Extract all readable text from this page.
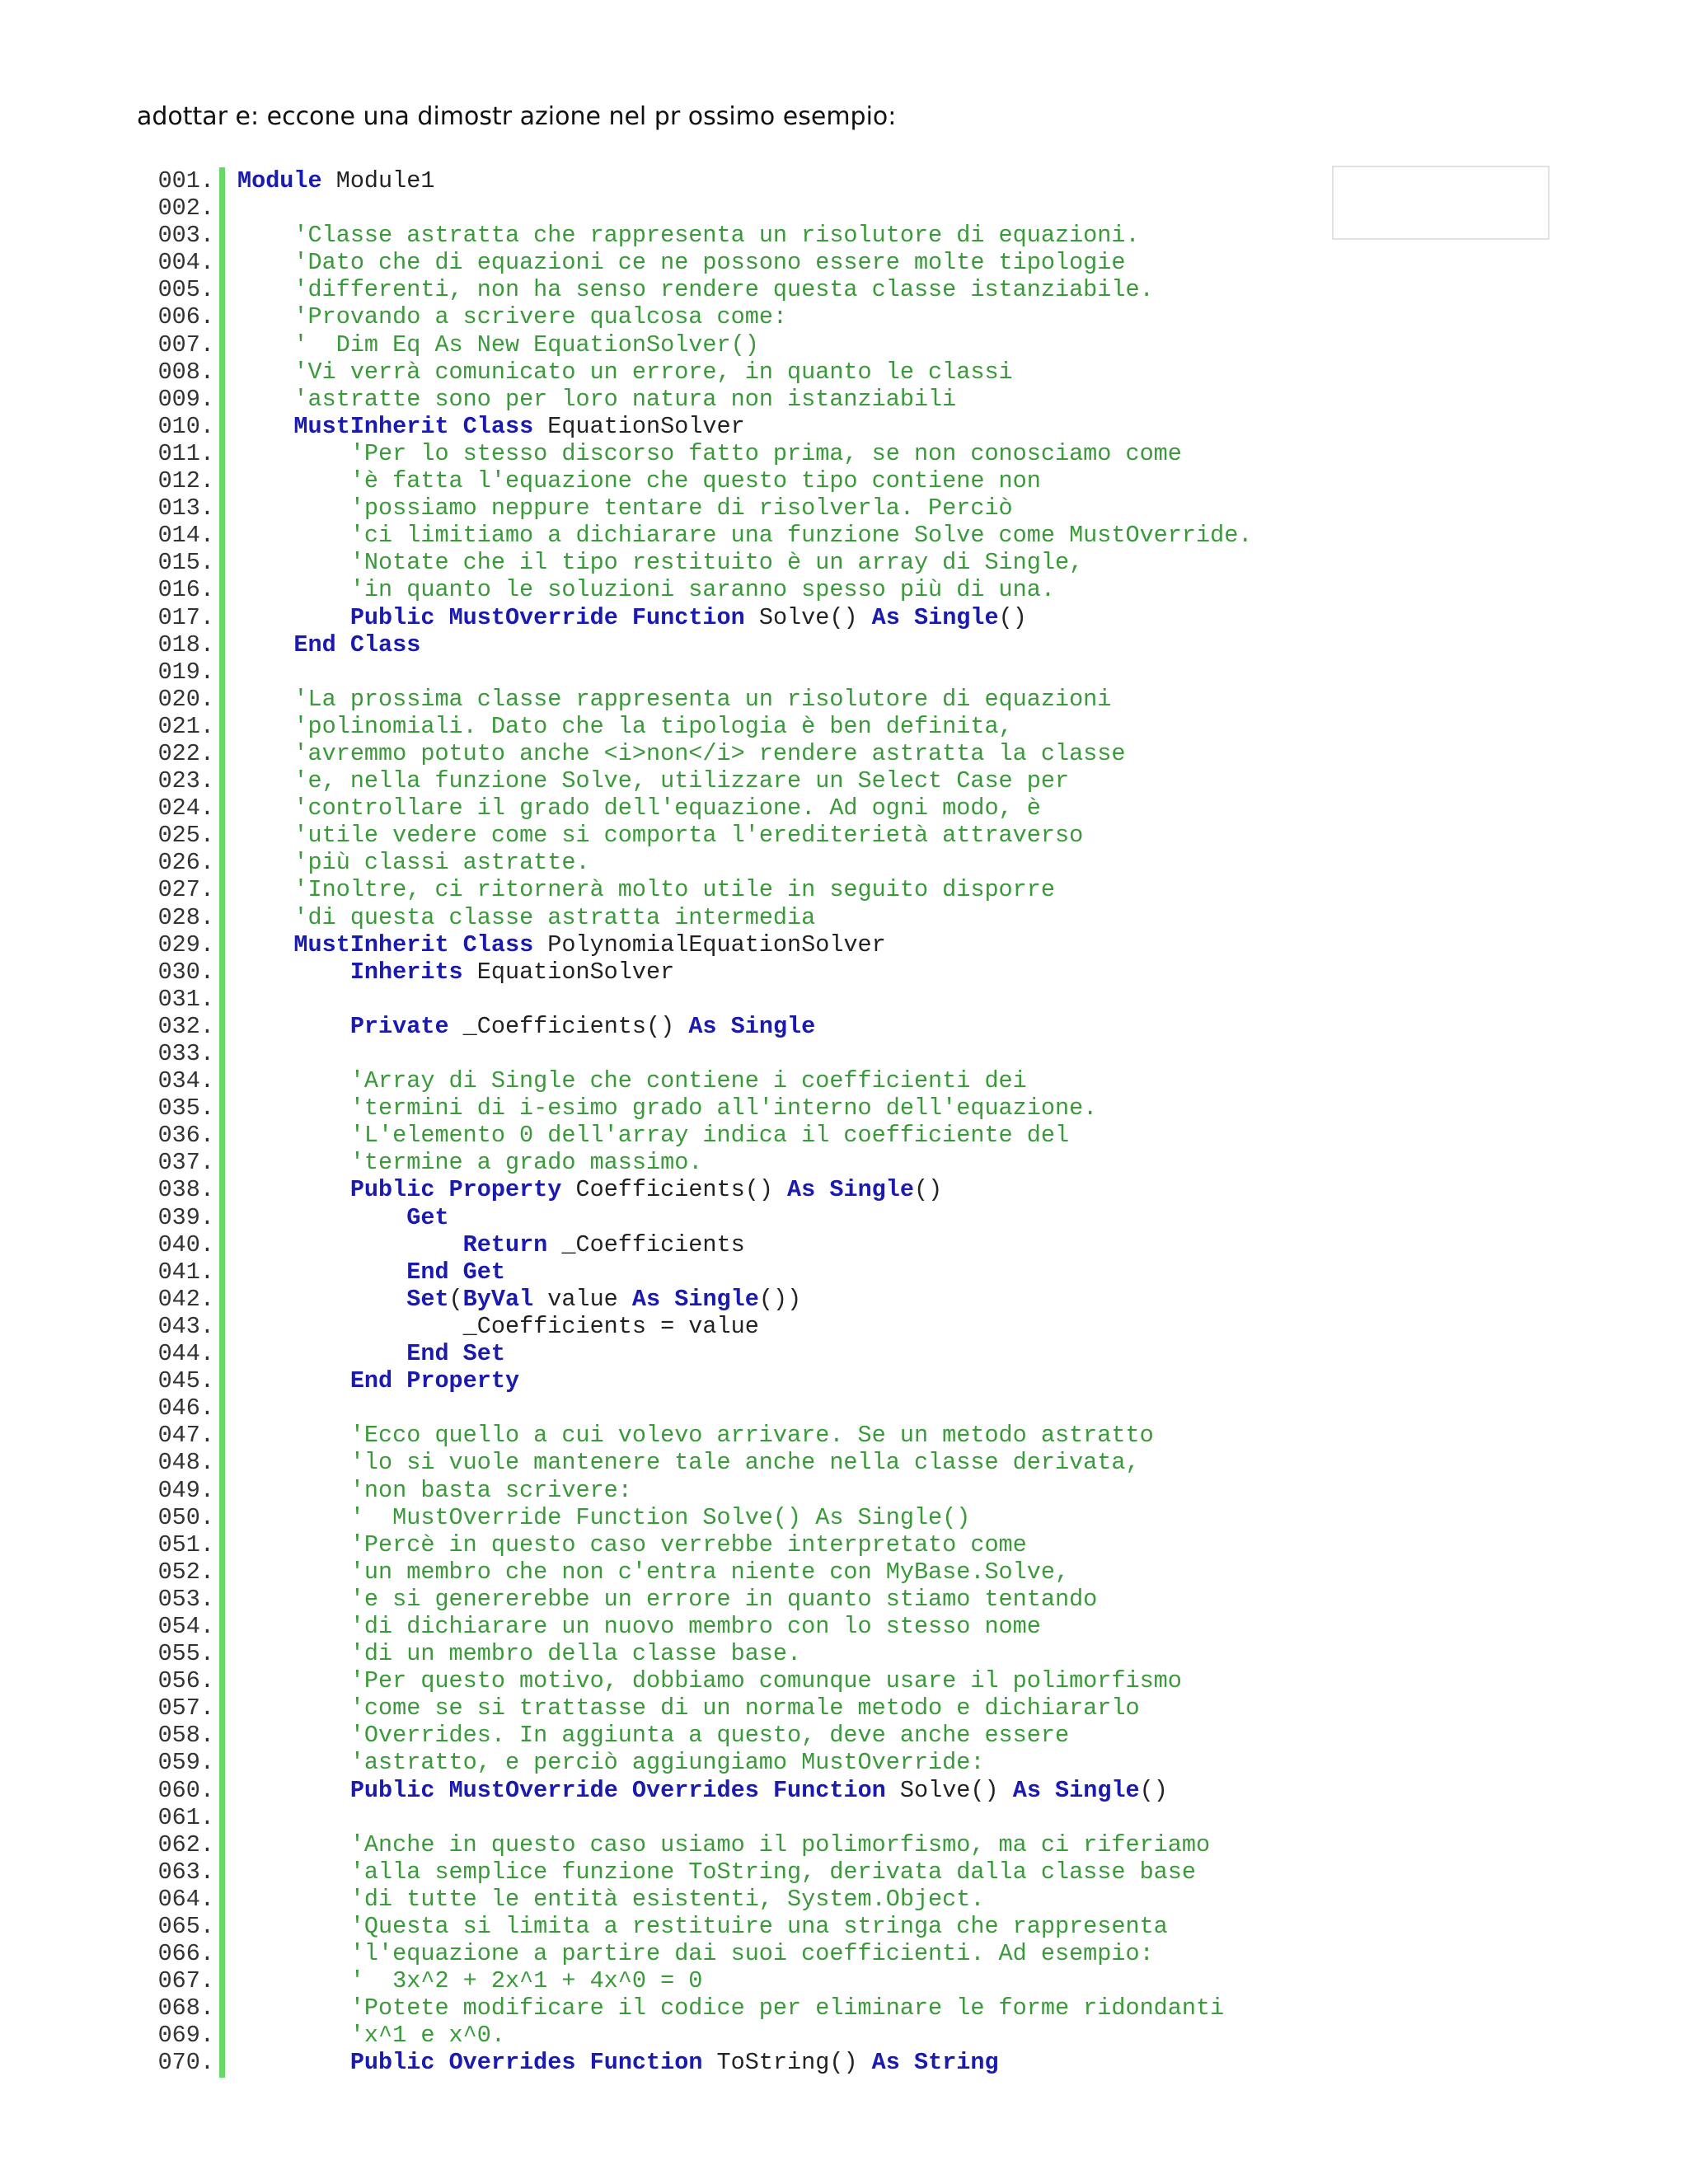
adottar e: eccone una dimostr azione nel pr ossimo esempio:
001. Module Module1
002.
003.	'Classe astratta che rappresenta un risolutore di equazioni.
004.	'Dato che di equazioni ce ne possono essere molte tipologie
005.	'differenti, non ha senso rendere questa classe istanziabile.
006.	'Provando a scrivere qualcosa come:
007.	'  Dim Eq As New EquationSolver()
008.	'Vi verrà comunicato un errore, in quanto le classi
009.	'astratte sono per loro natura non istanziabili
010.	MustInherit Class EquationSolver
011.	'Per lo stesso discorso fatto prima, se non conosciamo come
012.	'è fatta l'equazione che questo tipo contiene non
013.	'possiamo neppure tentare di risolverla. Perciò
014.	'ci limitiamo a dichiarare una funzione Solve come MustOverride.
015.	'Notate che il tipo restituito è un array di Single,
016.	'in quanto le soluzioni saranno spesso più di una.
017.	Public MustOverride Function Solve() As Single()
018.	End Class
019.
020.	'La prossima classe rappresenta un risolutore di equazioni
021.	'polinomiali. Dato che la tipologia è ben definita,
022.	'avremmo potuto anche <i>non</i> rendere astratta la classe
023.	'e, nella funzione Solve, utilizzare un Select Case per
024.	'controllare il grado dell'equazione. Ad ogni modo, è
025.	'utile vedere come si comporta l'erediterietà attraverso
026.	'più classi astratte.
027.	'Inoltre, ci ritornerà molto utile in seguito disporre
028.	'di questa classe astratta intermedia
029.	MustInherit Class PolynomialEquationSolver
030.	Inherits EquationSolver
031.
032.	Private _Coefficients() As Single
033.
034.	'Array di Single che contiene i coefficienti dei
035.	'termini di i-esimo grado all'interno dell'equazione.
036.	'L'elemento 0 dell'array indica il coefficiente del
037.	'termine a grado massimo.
038.	Public Property Coefficients() As Single()
039.	Get
040.	Return _Coefficients
041.	End Get
042.	Set(ByVal value As Single())
043.	_Coefficients = value
044.	End Set
045.	End Property
046.
047.	'Ecco quello a cui volevo arrivare. Se un metodo astratto
048.	'lo si vuole mantenere tale anche nella classe derivata,
049.	'non basta scrivere:
050.	'  MustOverride Function Solve() As Single()
051.	'Percè in questo caso verrebbe interpretato come
052.	'un membro che non c'entra niente con MyBase.Solve,
053.	'e si genererebbe un errore in quanto stiamo tentando
054.	'di dichiarare un nuovo membro con lo stesso nome
055.	'di un membro della classe base.
056.	'Per questo motivo, dobbiamo comunque usare il polimorfismo
057.	'come se si trattasse di un normale metodo e dichiararlo
058.	'Overrides. In aggiunta a questo, deve anche essere
059.	'astratto, e perciò aggiungiamo MustOverride:
060.	Public MustOverride Overrides Function Solve() As Single()
061.
062.	'Anche in questo caso usiamo il polimorfismo, ma ci riferiamo
063.	'alla semplice funzione ToString, derivata dalla classe base
064.	'di tutte le entità esistenti, System.Object.
065.	'Questa si limita a restituire una stringa che rappresenta
066.	'l'equazione a partire dai suoi coefficienti. Ad esempio:
067.	'  3x^2 + 2x^1 + 4x^0 = 0
068.	'Potete modificare il codice per eliminare le forme ridondanti
069.	'x^1 e x^0.
070.	Public Overrides Function ToString() As String
